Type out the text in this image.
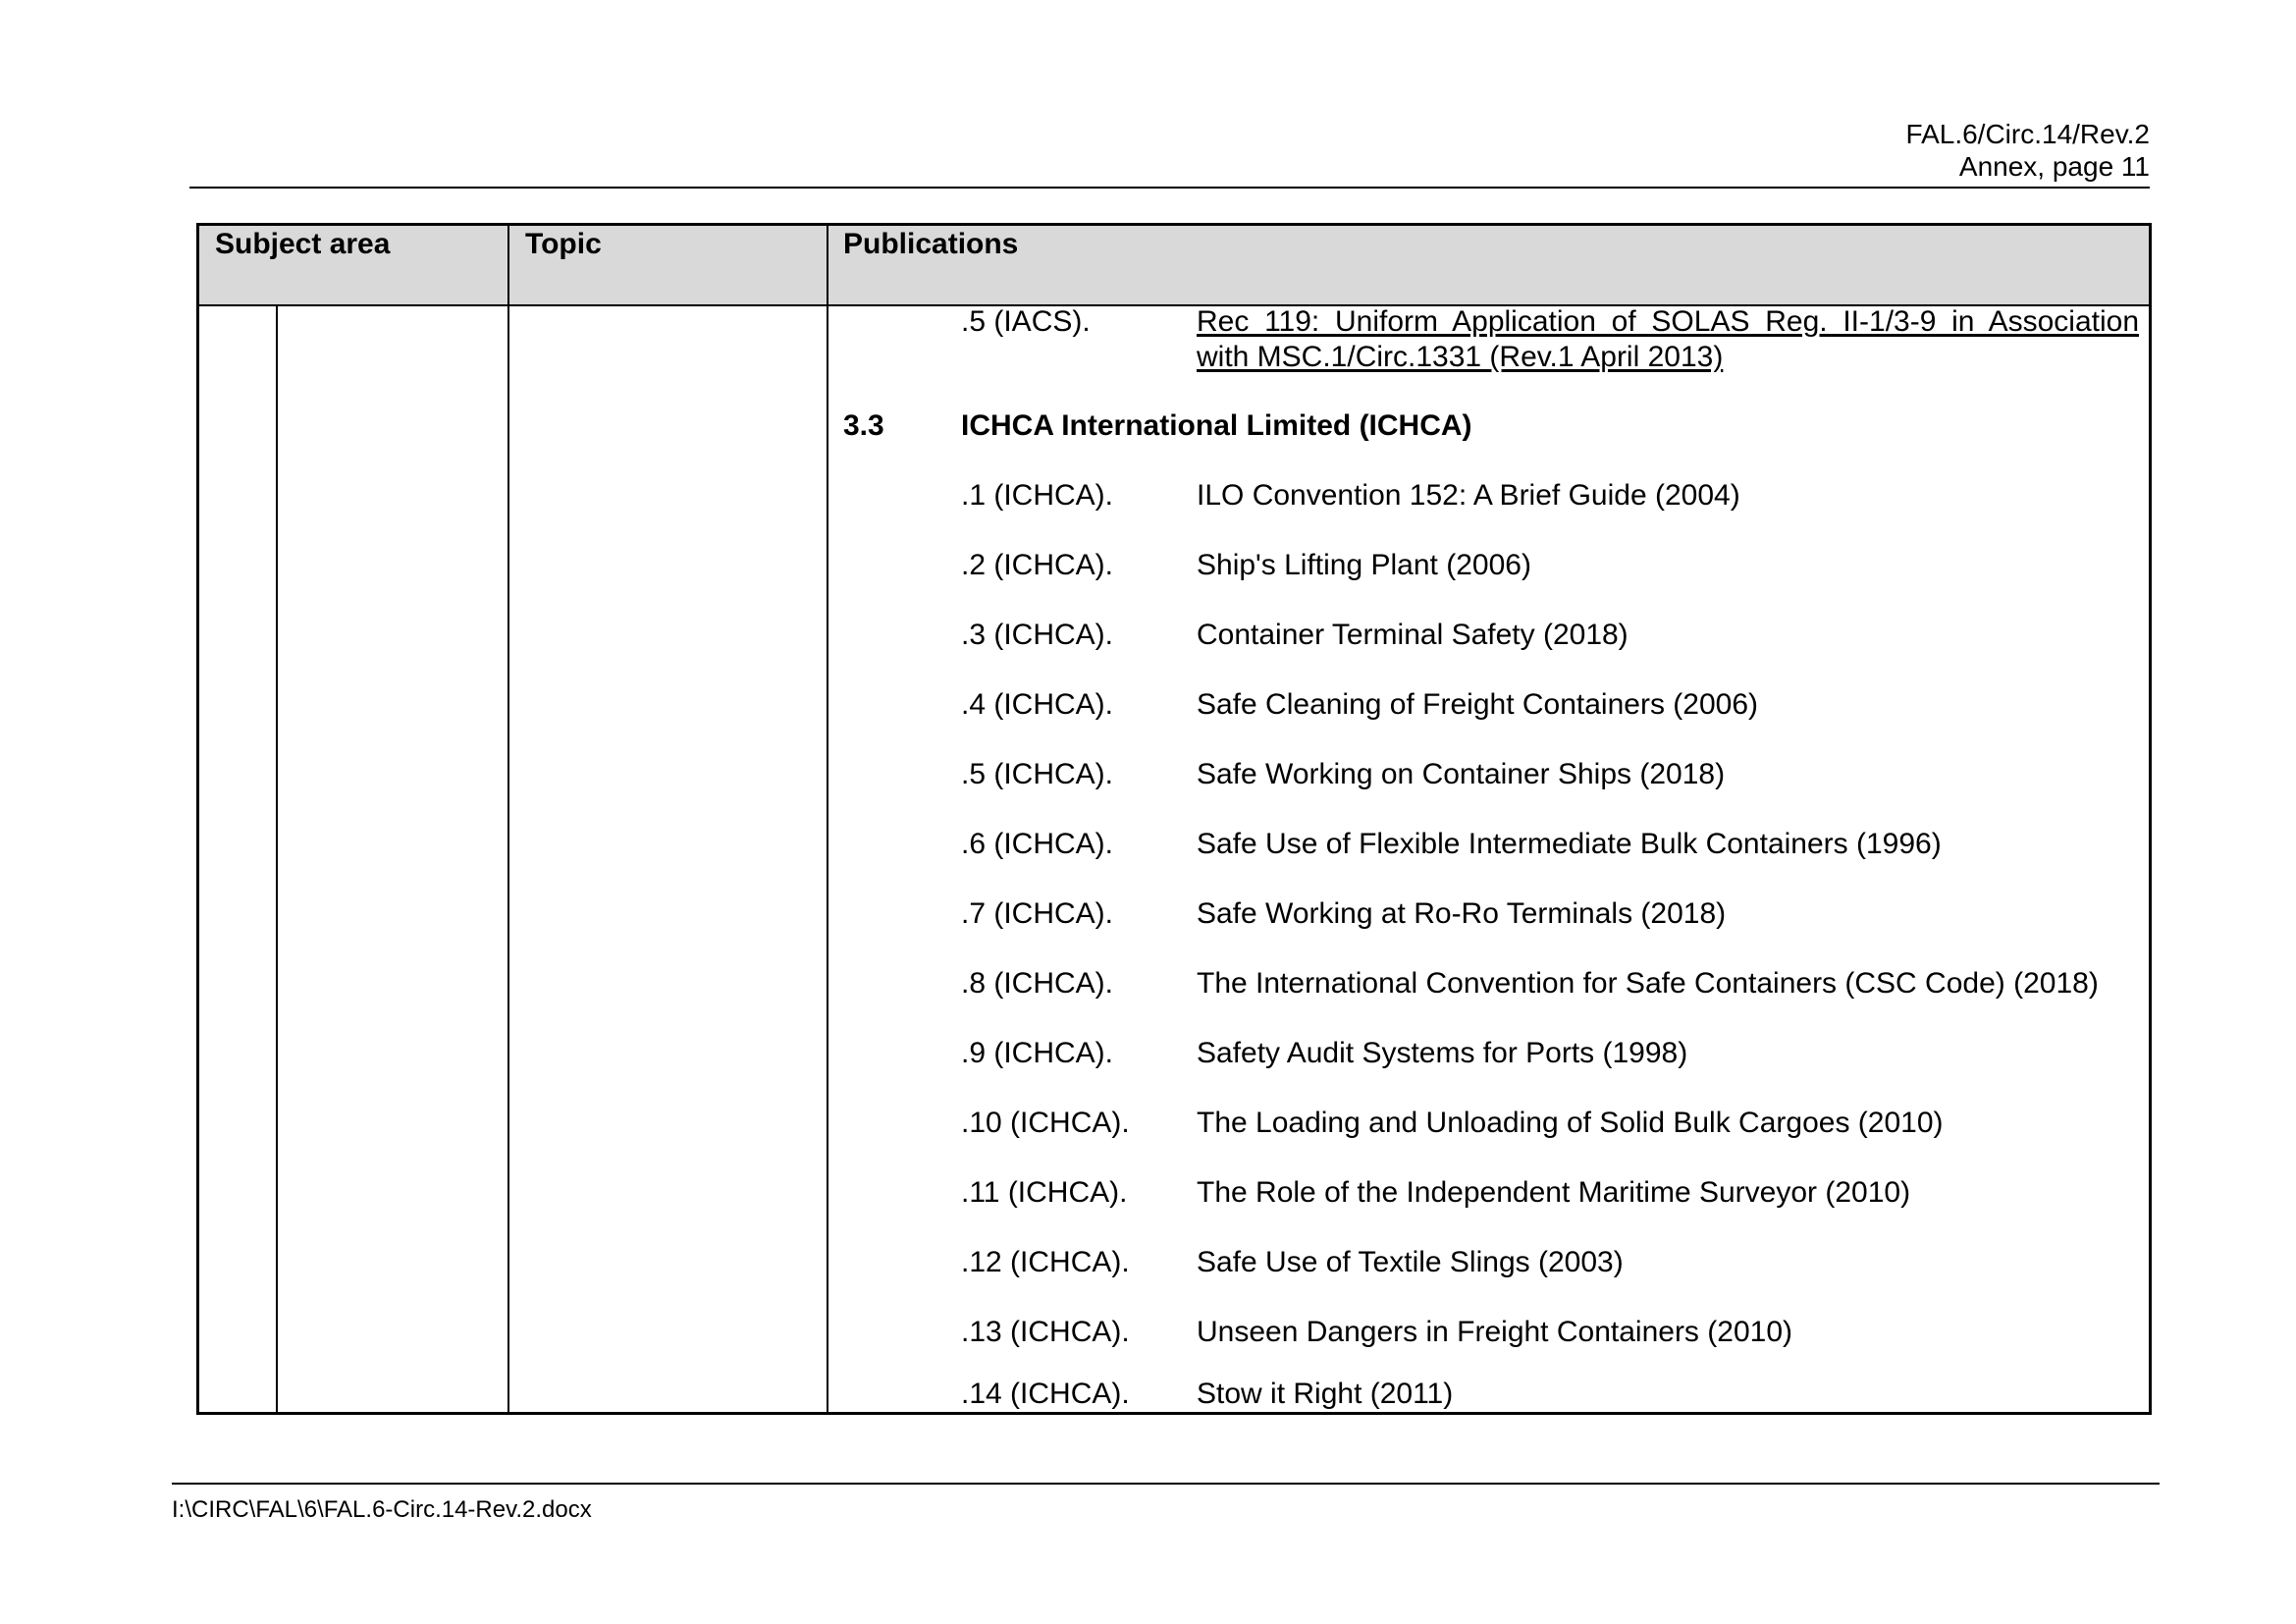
FAL.6/Circ.14/Rev.2
Annex, page 11
Subject area	Topic	Publications
.5 (IACS).	Rec 119: Uniform Application of SOLAS Reg. II-1/3-9 in Association
with MSC.1/Circ.1331 (Rev.1 April 2013)
3.3	ICHCA International Limited (ICHCA)
.1 (ICHCA).	ILO Convention 152: A Brief Guide (2004)
.2 (ICHCA).	Ship's Lifting Plant (2006)
.3 (ICHCA).	Container Terminal Safety (2018)
.4 (ICHCA).	Safe Cleaning of Freight Containers (2006)
.5 (ICHCA).	Safe Working on Container Ships (2018)
.6 (ICHCA).	Safe Use of Flexible Intermediate Bulk Containers (1996)
.7 (ICHCA).	Safe Working at Ro-Ro Terminals (2018)
.8 (ICHCA).	The International Convention for Safe Containers (CSC Code) (2018)
.9 (ICHCA).	Safety Audit Systems for Ports (1998)
.10 (ICHCA). The Loading and Unloading of Solid Bulk Cargoes (2010)
.11 (ICHCA). The Role of the Independent Maritime Surveyor (2010)
.12 (ICHCA). Safe Use of Textile Slings (2003)
.13 (ICHCA). Unseen Dangers in Freight Containers (2010)
.14 (ICHCA). Stow it Right (2011)
I:\CIRC\FAL\6\FAL.6-Circ.14-Rev.2.docx
